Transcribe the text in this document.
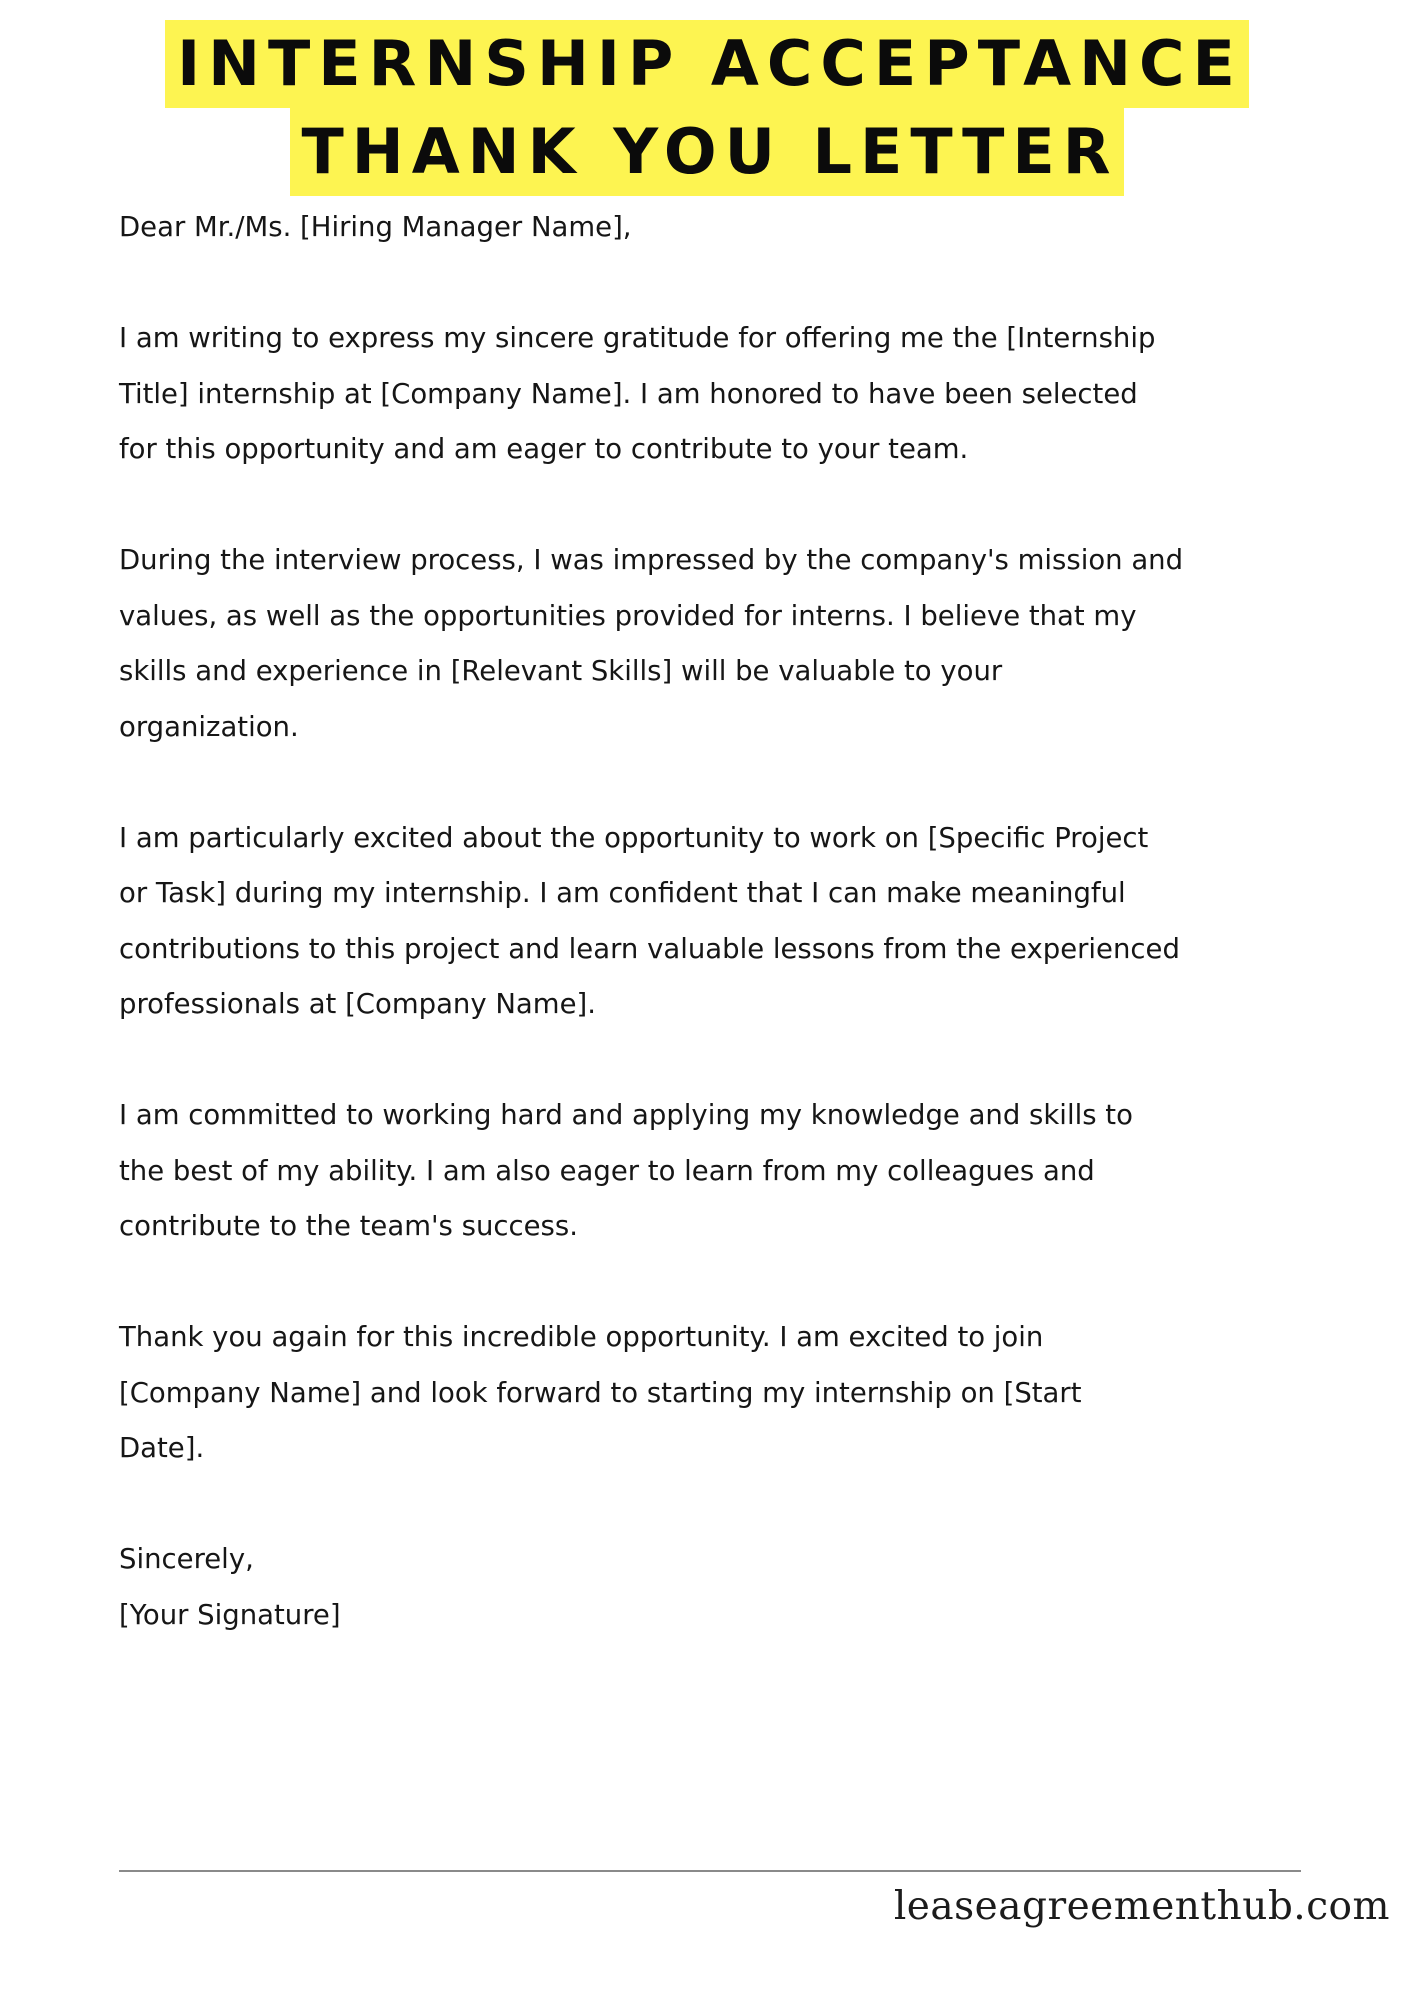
INTERNSHIP ACCEPTANCE
THANK YOU LETTER

Dear Mr./Ms. [Hiring Manager Name],

I am writing to express my sincere gratitude for offering me the [Internship
Title] internship at [Company Name]. I am honored to have been selected
for this opportunity and am eager to contribute to your team.

During the interview process, I was impressed by the company's mission and
values, as well as the opportunities provided for interns. I believe that my
skills and experience in [Relevant Skills] will be valuable to your
organization.

I am particularly excited about the opportunity to work on [Specific Project
or Task] during my internship. I am confident that I can make meaningful
contributions to this project and learn valuable lessons from the experienced
professionals at [Company Name].

I am committed to working hard and applying my knowledge and skills to
the best of my ability. I am also eager to learn from my colleagues and
contribute to the team's success.

Thank you again for this incredible opportunity. I am excited to join
[Company Name] and look forward to starting my internship on [Start
Date].

Sincerely,

[Your Signature]

leaseagreementhub.com
